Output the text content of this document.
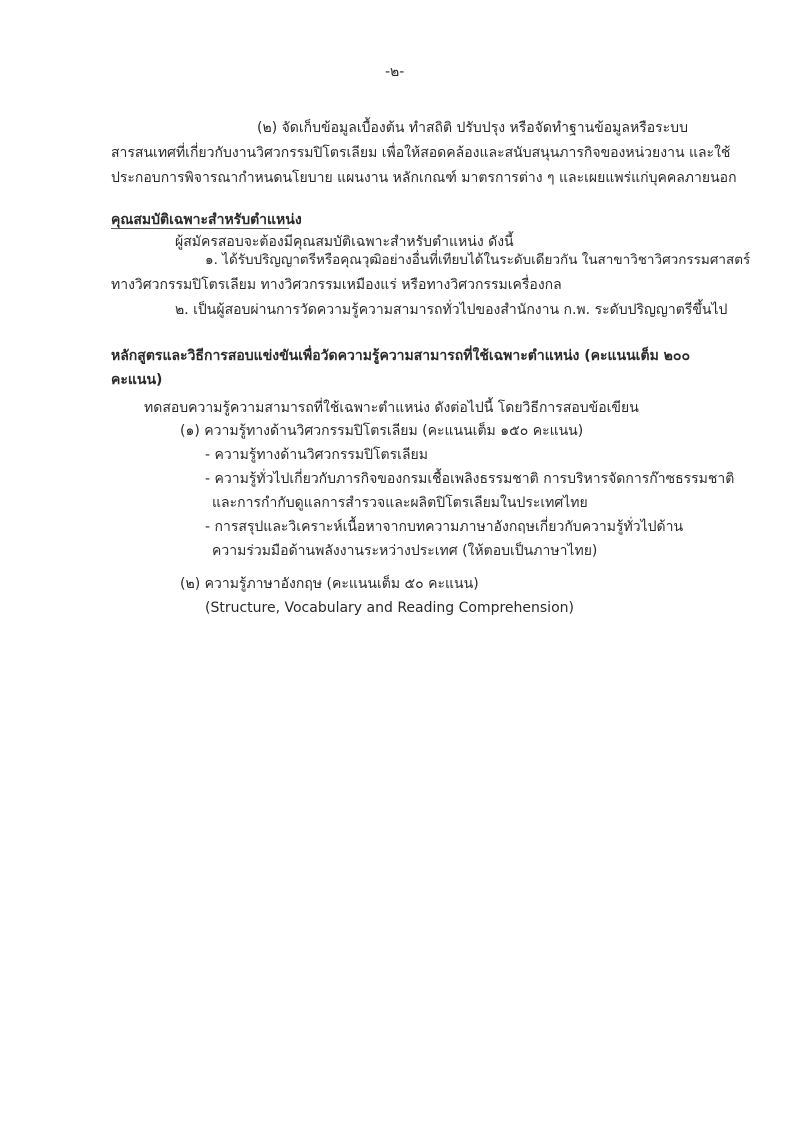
-๒-
(๒) จัดเก็บข้อมูลเบื้องต้น ทำสถิติ ปรับปรุง หรือจัดทำฐานข้อมูลหรือระบบ
สารสนเทศที่เกี่ยวกับงานวิศวกรรมปิโตรเลียม เพื่อให้สอดคล้องและสนับสนุนภารกิจของหน่วยงาน และใช้
ประกอบการพิจารณากำหนดนโยบาย แผนงาน หลักเกณฑ์ มาตรการต่าง ๆ และเผยแพร่แก่บุคคลภายนอก
คุณสมบัติเฉพาะสำหรับตำแหน่ง
ผู้สมัครสอบจะต้องมีคุณสมบัติเฉพาะสำหรับตำแหน่ง ดังนี้
๑. ได้รับปริญญาตรีหรือคุณวุฒิอย่างอื่นที่เทียบได้ในระดับเดียวกัน ในสาขาวิชาวิศวกรรมศาสตร์
ทางวิศวกรรมปิโตรเลียม ทางวิศวกรรมเหมืองแร่ หรือทางวิศวกรรมเครื่องกล
๒. เป็นผู้สอบผ่านการวัดความรู้ความสามารถทั่วไปของสำนักงาน ก.พ. ระดับปริญญาตรีขึ้นไป
หลักสูตรและวิธีการสอบแข่งขันเพื่อวัดความรู้ความสามารถที่ใช้เฉพาะตำแหน่ง (คะแนนเต็ม ๒๐๐
คะแนน)
ทดสอบความรู้ความสามารถที่ใช้เฉพาะตำแหน่ง ดังต่อไปนี้ โดยวิธีการสอบข้อเขียน
(๑) ความรู้ทางด้านวิศวกรรมปิโตรเลียม (คะแนนเต็ม ๑๕๐ คะแนน)
- ความรู้ทางด้านวิศวกรรมปิโตรเลียม
- ความรู้ทั่วไปเกี่ยวกับภารกิจของกรมเชื้อเพลิงธรรมชาติ การบริหารจัดการก๊าซธรรมชาติ
และการกำกับดูแลการสำรวจและผลิตปิโตรเลียมในประเทศไทย
- การสรุปและวิเคราะห์เนื้อหาจากบทความภาษาอังกฤษเกี่ยวกับความรู้ทั่วไปด้าน
ความร่วมมือด้านพลังงานระหว่างประเทศ (ให้ตอบเป็นภาษาไทย)
(๒) ความรู้ภาษาอังกฤษ (คะแนนเต็ม ๕๐ คะแนน)
(Structure, Vocabulary and Reading Comprehension)
